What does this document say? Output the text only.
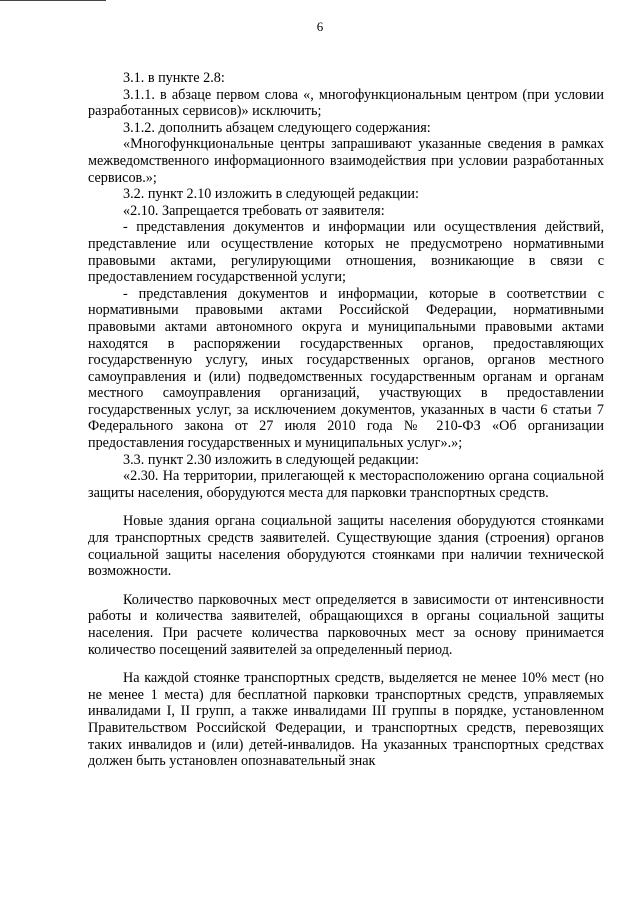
6

3.1. в пункте 2.8:

3.1.1. в абзаце первом слова «, многофункциональным центром (при условии разработанных сервисов)» исключить;

3.1.2. дополнить абзацем следующего содержания:

«Многофункциональные центры запрашивают указанные сведения в рамках межведомственного информационного взаимодействия при условии разработанных сервисов.»;

3.2. пункт 2.10 изложить в следующей редакции:

«2.10. Запрещается требовать от заявителя:

- представления документов и информации или осуществления действий, представление или осуществление которых не предусмотрено нормативными правовыми актами, регулирующими отношения, возникающие в связи с предоставлением государственной услуги;

- представления документов и информации, которые в соответствии с нормативными правовыми актами Российской Федерации, нормативными правовыми актами автономного округа и муниципальными правовыми актами находятся в распоряжении государственных органов, предоставляющих государственную услугу, иных государственных органов, органов местного самоуправления и (или) подведомственных государственным органам и органам местного самоуправления организаций, участвующих в предоставлении государственных услуг, за исключением документов, указанных в части 6 статьи 7 Федерального закона от 27 июля 2010 года № 210-ФЗ «Об организации предоставления государственных и муниципальных услуг».»;

3.3. пункт 2.30 изложить в следующей редакции:

«2.30. На территории, прилегающей к месторасположению органа социальной защиты населения, оборудуются места для парковки транспортных средств.

Новые здания органа социальной защиты населения оборудуются стоянками для транспортных средств заявителей. Существующие здания (строения) органов социальной защиты населения оборудуются стоянками при наличии технической возможности.

Количество парковочных мест определяется в зависимости от интенсивности работы и количества заявителей, обращающихся в органы социальной защиты населения. При расчете количества парковочных мест за основу принимается количество посещений заявителей за определенный период.

На каждой стоянке транспортных средств, выделяется не менее 10% мест (но не менее 1 места) для бесплатной парковки транспортных средств, управляемых инвалидами I, II групп, а также инвалидами III группы в порядке, установленном Правительством Российской Федерации, и транспортных средств, перевозящих таких инвалидов и (или) детей-инвалидов. На указанных транспортных средствах должен быть установлен опознавательный знак
